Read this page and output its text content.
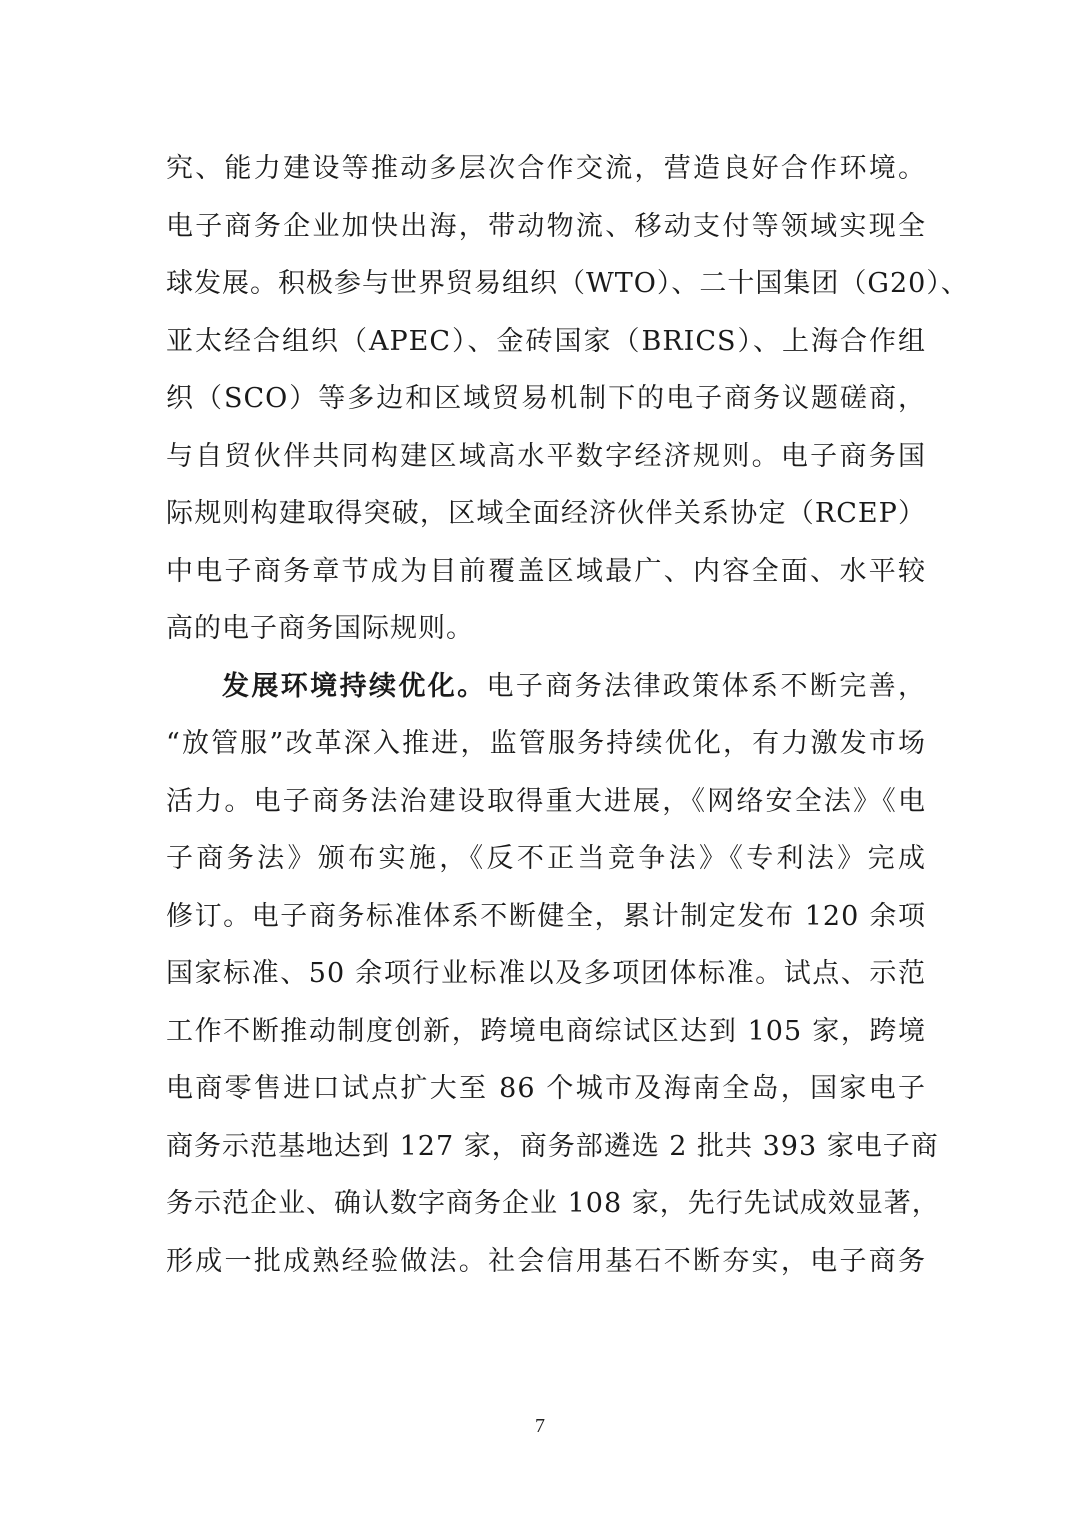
究、能力建设等推动多层次合作交流，营造良好合作环境。
电子商务企业加快出海，带动物流、移动支付等领域实现全
球发展。积极参与世界贸易组织（WTO）、二十国集团（G20）、
亚太经合组织（APEC）、金砖国家（BRICS）、上海合作组
织（SCO）等多边和区域贸易机制下的电子商务议题磋商，
与自贸伙伴共同构建区域高水平数字经济规则。电子商务国
际规则构建取得突破，区域全面经济伙伴关系协定（RCEP）
中电子商务章节成为目前覆盖区域最广、内容全面、水平较
高的电子商务国际规则。
发展环境持续优化。电子商务法律政策体系不断完善，
“放管服”改革深入推进，监管服务持续优化，有力激发市场
活力。电子商务法治建设取得重大进展，《网络安全法》《电
子商务法》颁布实施，《反不正当竞争法》《专利法》完成
修订。电子商务标准体系不断健全，累计制定发布 120 余项
国家标准、50 余项行业标准以及多项团体标准。试点、示范
工作不断推动制度创新，跨境电商综试区达到 105 家，跨境
电商零售进口试点扩大至 86 个城市及海南全岛，国家电子
商务示范基地达到 127 家，商务部遴选 2 批共 393 家电子商
务示范企业、确认数字商务企业 108 家，先行先试成效显著，
形成一批成熟经验做法。社会信用基石不断夯实，电子商务
7
